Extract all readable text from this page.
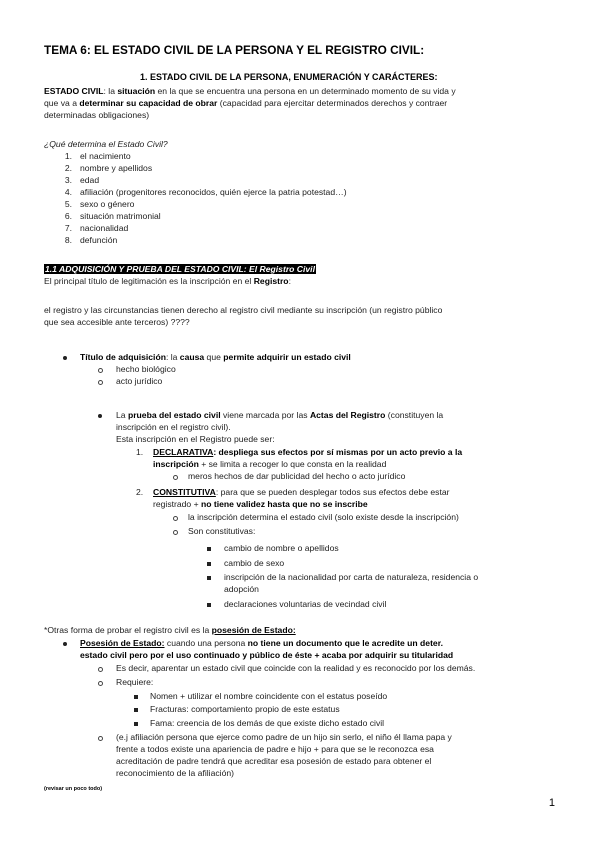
TEMA 6: EL ESTADO CIVIL DE LA PERSONA Y EL REGISTRO CIVIL:
1. ESTADO CIVIL DE LA PERSONA, ENUMERACIÓN Y CARÁCTERES:
ESTADO CIVIL: la situación en la que se encuentra una persona en un determinado momento de su vida y
que va a determinar su capacidad de obrar (capacidad para ejercitar determinados derechos y contraer
determinadas obligaciones)
¿Qué determina el Estado Civil?
1. el nacimiento
2. nombre y apellidos
3. edad
4. afiliación (progenitores reconocidos, quién ejerce la patria potestad…)
5. sexo o género
6. situación matrimonial
7. nacionalidad
8. defunción
1.1 ADQUISICIÓN Y PRUEBA DEL ESTADO CIVIL: El Registro Civil
El principal título de legitimación es la inscripción en el Registro:
el registro y las circunstancias tienen derecho al registro civil mediante su inscripción (un registro público
que sea accesible ante terceros) ????
Título de adquisición: la causa que permite adquirir un estado civil
hecho biológico
acto jurídico
La prueba del estado civil viene marcada por las Actas del Registro (constituyen la
inscripción en el registro civil).
Esta inscripción en el Registro puede ser:
1. DECLARATIVA: despliega sus efectos por sí mismas por un acto previo a la
inscripción + se limita a recoger lo que consta en la realidad
meros hechos de dar publicidad del hecho o acto jurídico
2. CONSTITUTIVA: para que se pueden desplegar todos sus efectos debe estar
registrado + no tiene validez hasta que no se inscribe
la inscripción determina el estado civil (solo existe desde la inscripción)
Son constitutivas:
cambio de nombre o apellidos
cambio de sexo
inscripción de la nacionalidad por carta de naturaleza, residencia o
adopción
declaraciones voluntarias de vecindad civil
*Otras forma de probar el registro civil es la posesión de Estado:
Posesión de Estado: cuando una persona no tiene un documento que le acredite un deter.
estado civil pero por el uso continuado y público de éste + acaba por adquirir su titularidad
Es decir, aparentar un estado civil que coincide con la realidad y es reconocido por los demás.
Requiere:
Nomen + utilizar el nombre coincidente con el estatus poseído
Fracturas: comportamiento propio de este estatus
Fama: creencia de los demás de que existe dicho estado civil
(e.j afiliación persona que ejerce como padre de un hijo sin serlo, el niño él llama papa y
frente a todos existe una apariencia de padre e hijo + para que se le reconozca esa
acreditación de padre tendrá que acreditar esa posesión de estado para obtener el
reconocimiento de la afiliación)
(revisar un poco todo)
1
